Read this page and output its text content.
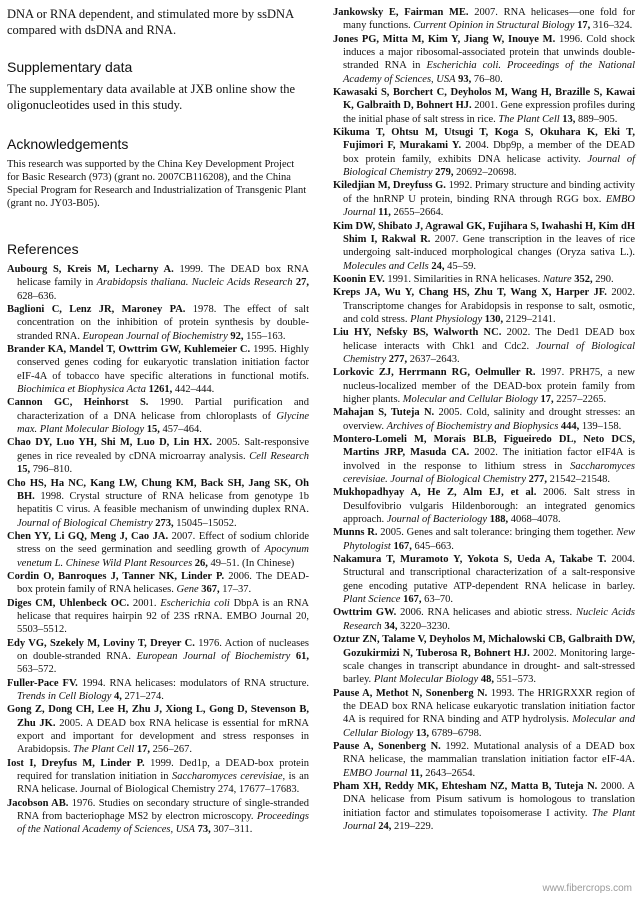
DNA or RNA dependent, and stimulated more by ssDNA compared with dsDNA and RNA.

Supplementary data

The supplementary data available at JXB online show the oligonucleotides used in this study.

Acknowledgements

This research was supported by the China Key Development Project for Basic Research (973) (grant no. 2007CB116208), and the China Special Program for Research and Industrialization of Transgenic Plant (grant no. JY03-B05).

References

Aubourg S, Kreis M, Lecharny A. 1999. The DEAD box RNA helicase family in Arabidopsis thaliana. Nucleic Acids Research 27, 628–636.

Baglioni C, Lenz JR, Maroney PA. 1978. The effect of salt concentration on the inhibition of protein synthesis by double-stranded RNA. European Journal of Biochemistry 92, 155–163.

Brander KA, Mandel T, Owttrim GW, Kuhlemeier C. 1995. Highly conserved genes coding for eukaryotic translation initiation factor eIF-4A of tobacco have specific alterations in functional motifs. Biochimica et Biophysica Acta 1261, 442–444.

Cannon GC, Heinhorst S. 1990. Partial purification and characterization of a DNA helicase from chloroplasts of Glycine max. Plant Molecular Biology 15, 457–464.

Chao DY, Luo YH, Shi M, Luo D, Lin HX. 2005. Salt-responsive genes in rice revealed by cDNA microarray analysis. Cell Research 15, 796–810.

Cho HS, Ha NC, Kang LW, Chung KM, Back SH, Jang SK, Oh BH. 1998. Crystal structure of RNA helicase from genotype 1b hepatitis C virus. A feasible mechanism of unwinding duplex RNA. Journal of Biological Chemistry 273, 15045–15052.

Chen YY, Li GQ, Meng J, Cao JA. 2007. Effect of sodium chloride stress on the seed germination and seedling growth of Apocynum venetum L. Chinese Wild Plant Resources 26, 49–51. (In Chinese)

Cordin O, Banroques J, Tanner NK, Linder P. 2006. The DEAD-box protein family of RNA helicases. Gene 367, 17–37.

Diges CM, Uhlenbeck OC. 2001. Escherichia coli DbpA is an RNA helicase that requires hairpin 92 of 23S rRNA. EMBO Journal 20, 5503–5512.

Edy VG, Szekely M, Loviny T, Dreyer C. 1976. Action of nucleases on double-stranded RNA. European Journal of Biochemistry 61, 563–572.

Fuller-Pace FV. 1994. RNA helicases: modulators of RNA structure. Trends in Cell Biology 4, 271–274.

Gong Z, Dong CH, Lee H, Zhu J, Xiong L, Gong D, Stevenson B, Zhu JK. 2005. A DEAD box RNA helicase is essential for mRNA export and important for development and stress responses in Arabidopsis. The Plant Cell 17, 256–267.

Iost I, Dreyfus M, Linder P. 1999. Ded1p, a DEAD-box protein required for translation initiation in Saccharomyces cerevisiae, is an RNA helicase. Journal of Biological Chemistry 274, 17677–17683.

Jacobson AB. 1976. Studies on secondary structure of single-stranded RNA from bacteriophage MS2 by electron microscopy. Proceedings of the National Academy of Sciences, USA 73, 307–311.

Jankowsky E, Fairman ME. 2007. RNA helicases—one fold for many functions. Current Opinion in Structural Biology 17, 316–324.

Jones PG, Mitta M, Kim Y, Jiang W, Inouye M. 1996. Cold shock induces a major ribosomal-associated protein that unwinds double-stranded RNA in Escherichia coli. Proceedings of the National Academy of Sciences, USA 93, 76–80.

Kawasaki S, Borchert C, Deyholos M, Wang H, Brazille S, Kawai K, Galbraith D, Bohnert HJ. 2001. Gene expression profiles during the initial phase of salt stress in rice. The Plant Cell 13, 889–905.

Kikuma T, Ohtsu M, Utsugi T, Koga S, Okuhara K, Eki T, Fujimori F, Murakami Y. 2004. Dbp9p, a member of the DEAD box protein family, exhibits DNA helicase activity. Journal of Biological Chemistry 279, 20692–20698.

Kiledjian M, Dreyfuss G. 1992. Primary structure and binding activity of the hnRNP U protein, binding RNA through RGG box. EMBO Journal 11, 2655–2664.

Kim DW, Shibato J, Agrawal GK, Fujihara S, Iwahashi H, Kim dH Shim I, Rakwal R. 2007. Gene transcription in the leaves of rice undergoing salt-induced morphological changes (Oryza sativa L.). Molecules and Cells 24, 45–59.

Koonin EV. 1991. Similarities in RNA helicases. Nature 352, 290.

Kreps JA, Wu Y, Chang HS, Zhu T, Wang X, Harper JF. 2002. Transcriptome changes for Arabidopsis in response to salt, osmotic, and cold stress. Plant Physiology 130, 2129–2141.

Liu HY, Nefsky BS, Walworth NC. 2002. The Ded1 DEAD box helicase interacts with Chk1 and Cdc2. Journal of Biological Chemistry 277, 2637–2643.

Lorkovic ZJ, Herrmann RG, Oelmuller R. 1997. PRH75, a new nucleus-localized member of the DEAD-box protein family from higher plants. Molecular and Cellular Biology 17, 2257–2265.

Mahajan S, Tuteja N. 2005. Cold, salinity and drought stresses: an overview. Archives of Biochemistry and Biophysics 444, 139–158.

Montero-Lomeli M, Morais BLB, Figueiredo DL, Neto DCS, Martins JRP, Masuda CA. 2002. The initiation factor eIF4A is involved in the response to lithium stress in Saccharomyces cerevisiae. Journal of Biological Chemistry 277, 21542–21548.

Mukhopadhyay A, He Z, Alm EJ, et al. 2006. Salt stress in Desulfovibrio vulgaris Hildenborough: an integrated genomics approach. Journal of Bacteriology 188, 4068–4078.

Munns R. 2005. Genes and salt tolerance: bringing them together. New Phytologist 167, 645–663.

Nakamura T, Muramoto Y, Yokota S, Ueda A, Takabe T. 2004. Structural and transcriptional characterization of a salt-responsive gene encoding putative ATP-dependent RNA helicase in barley. Plant Science 167, 63–70.

Owttrim GW. 2006. RNA helicases and abiotic stress. Nucleic Acids Research 34, 3220–3230.

Oztur ZN, Talame V, Deyholos M, Michalowski CB, Galbraith DW, Gozukirmizi N, Tuberosa R, Bohnert HJ. 2002. Monitoring large-scale changes in transcript abundance in drought- and salt-stressed barley. Plant Molecular Biology 48, 551–573.

Pause A, Methot N, Sonenberg N. 1993. The HRIGRXXR region of the DEAD box RNA helicase eukaryotic translation initiation factor 4A is required for RNA binding and ATP hydrolysis. Molecular and Cellular Biology 13, 6789–6798.

Pause A, Sonenberg N. 1992. Mutational analysis of a DEAD box RNA helicase, the mammalian translation initiation factor eIF-4A. EMBO Journal 11, 2643–2654.

Pham XH, Reddy MK, Ehtesham NZ, Matta B, Tuteja N. 2000. A DNA helicase from Pisum sativum is homologous to translation initiation factor and stimulates topoisomerase I activity. The Plant Journal 24, 219–229.

www.fibercrops.com
